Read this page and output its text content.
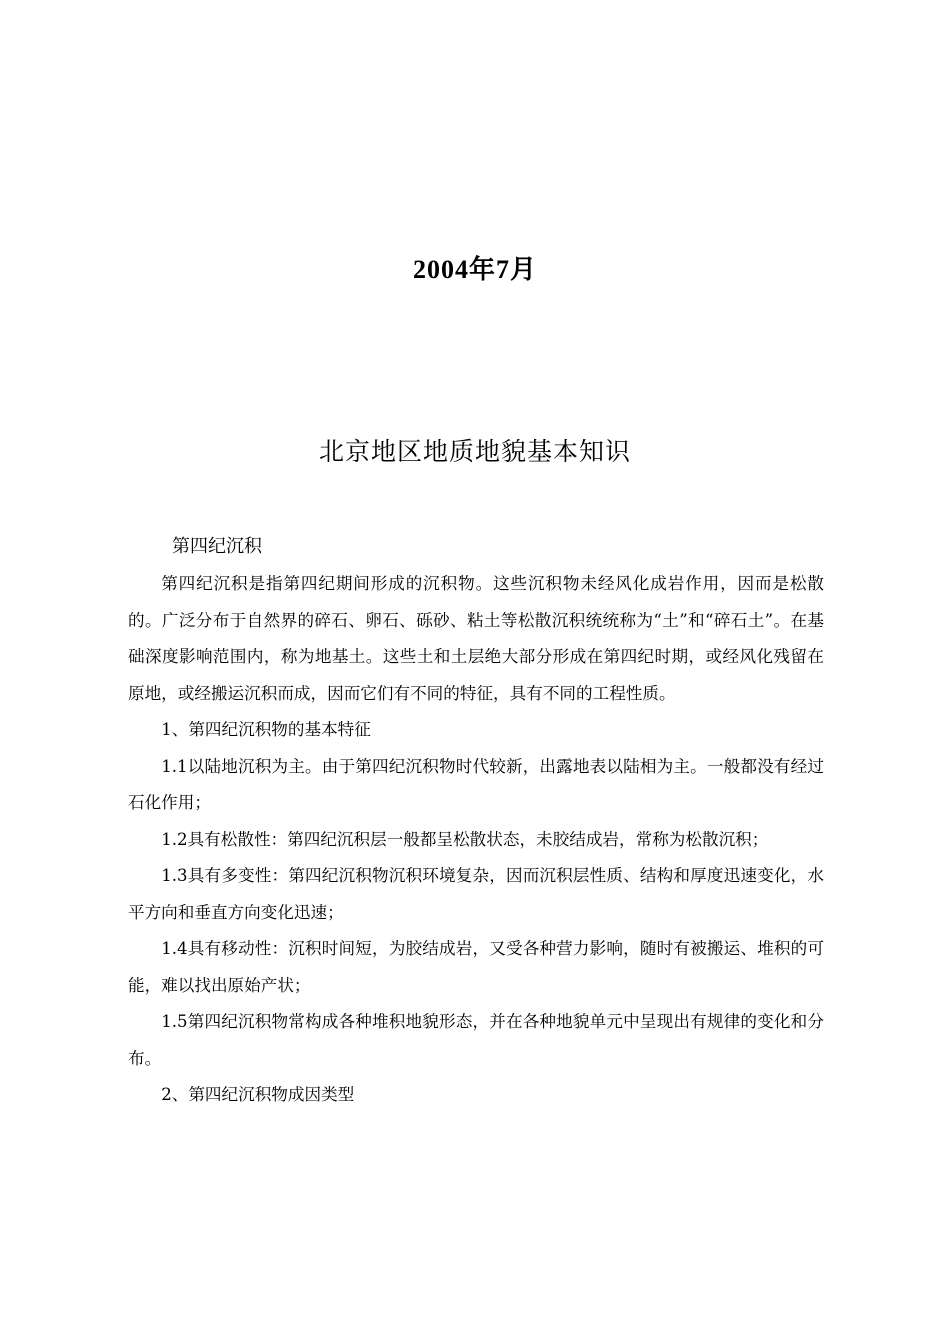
2004年7月
北京地区地质地貌基本知识
第四纪沉积

第四纪沉积是指第四纪期间形成的沉积物。这些沉积物未经风化成岩作用，因而是松散的。广泛分布于自然界的碎石、卵石、砾砂、粘土等松散沉积统统称为“土”和“碎石土”。在基础深度影响范围内，称为地基土。这些土和土层绝大部分形成在第四纪时期，或经风化残留在原地，或经搬运沉积而成，因而它们有不同的特征，具有不同的工程性质。

1、第四纪沉积物的基本特征

1.1以陆地沉积为主。由于第四纪沉积物时代较新，出露地表以陆相为主。一般都没有经过石化作用；

1.2具有松散性：第四纪沉积层一般都呈松散状态，未胶结成岩，常称为松散沉积；

1.3具有多变性：第四纪沉积物沉积环境复杂，因而沉积层性质、结构和厚度迅速变化，水平方向和垂直方向变化迅速；

1.4具有移动性：沉积时间短，为胶结成岩，又受各种营力影响，随时有被搬运、堆积的可能，难以找出原始产状；

1.5第四纪沉积物常构成各种堆积地貌形态，并在各种地貌单元中呈现出有规律的变化和分布。

2、第四纪沉积物成因类型
